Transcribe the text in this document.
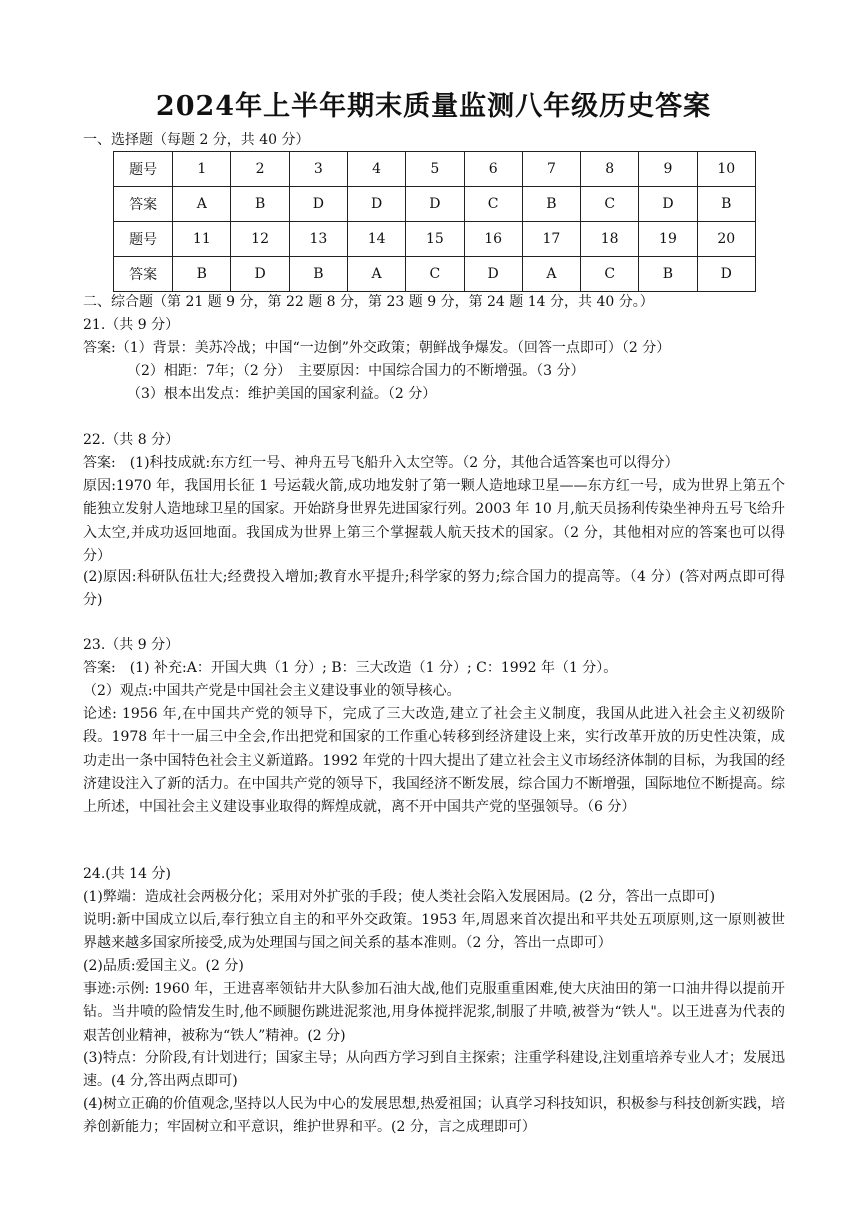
2024年上半年期末质量监测八年级历史答案
一、选择题（每题 2 分，共 40 分）
题号	1	2	3	4	5	6	7	8	9	10
答案	A	B	D	D	D	C	B	C	D	B
题号	11	12	13	14	15	16	17	18	19	20
答案	B	D	B	A	C	D	A	C	B	D
二、综合题（第 21 题 9 分，第 22 题 8 分，第 23 题 9 分，第 24 题 14 分，共 40 分。）
21.（共 9 分）
答案:（1）背景：美苏冷战；中国“一边倒”外交政策；朝鲜战争爆发。（回答一点即可）（2 分）
（2）相距：7年；（2 分）　主要原因：中国综合国力的不断增强。（3 分）
（3）根本出发点：维护美国的国家利益。（2 分）
22.（共 8 分）
答案:　(1)科技成就:东方红一号、神舟五号飞船升入太空等。（2 分，其他合适答案也可以得分）
原因:1970 年，我国用长征 1 号运载火箭,成功地发射了第一颗人造地球卫星——东方红一号，成为世界上第五个能独立发射人造地球卫星的国家。开始跻身世界先进国家行列。2003 年 10 月,航天员扬利传染坐神舟五号飞给升入太空,并成功返回地面。我国成为世界上第三个掌握载人航天技术的国家。（2 分，其他相对应的答案也可以得分）
(2)原因:科研队伍壮大;经费投入增加;教育水平提升;科学家的努力;综合国力的提高等。（4 分）(答对两点即可得分)
23.（共 9 分）
答案:　(1) 补充:A：开国大典（1 分）; B：三大改造（1 分）; C：1992 年（1 分）。
（2）观点:中国共产党是中国社会主义建设事业的领导核心。
论述: 1956 年,在中国共产党的领导下，完成了三大改造,建立了社会主义制度，我国从此进入社会主义初级阶段。1978 年十一届三中全会,作出把党和国家的工作重心转移到经济建设上来，实行改革开放的历史性决策，成功走出一条中国特色社会主义新道路。1992 年党的十四大提出了建立社会主义市场经济体制的目标，为我国的经济建设注入了新的活力。在中国共产党的领导下，我国经济不断发展，综合国力不断增强，国际地位不断提高。综上所述，中国社会主义建设事业取得的辉煌成就，离不开中国共产党的坚强领导。（6 分）
24.(共 14 分)
(1)弊端：造成社会两极分化；采用对外扩张的手段；使人类社会陷入发展困局。(2 分，答出一点即可)
说明:新中国成立以后,奉行独立自主的和平外交政策。1953 年,周恩来首次提出和平共处五项原则,这一原则被世界越来越多国家所接受,成为处理国与国之间关系的基本准则。（2 分，答出一点即可）
(2)品质:爱国主义。(2 分)
事迹:示例: 1960 年，王进喜率领钻井大队参加石油大战,他们克服重重困难,使大庆油田的第一口油井得以提前开钻。当井喷的险情发生时,他不顾腿伤跳进泥浆池,用身体搅拌泥浆,制服了井喷,被誉为“铁人"。以王进喜为代表的艰苦创业精神，被称为“铁人”精神。(2 分)
(3)特点：分阶段,有计划进行；国家主导；从向西方学习到自主探索；注重学科建设,注划重培养专业人才；发展迅速。(4 分,答出两点即可)
(4)树立正确的价值观念,坚持以人民为中心的发展思想,热爱祖国；认真学习科技知识，积极参与科技创新实践，培养创新能力；牢固树立和平意识，维护世界和平。(2 分，言之成理即可）
